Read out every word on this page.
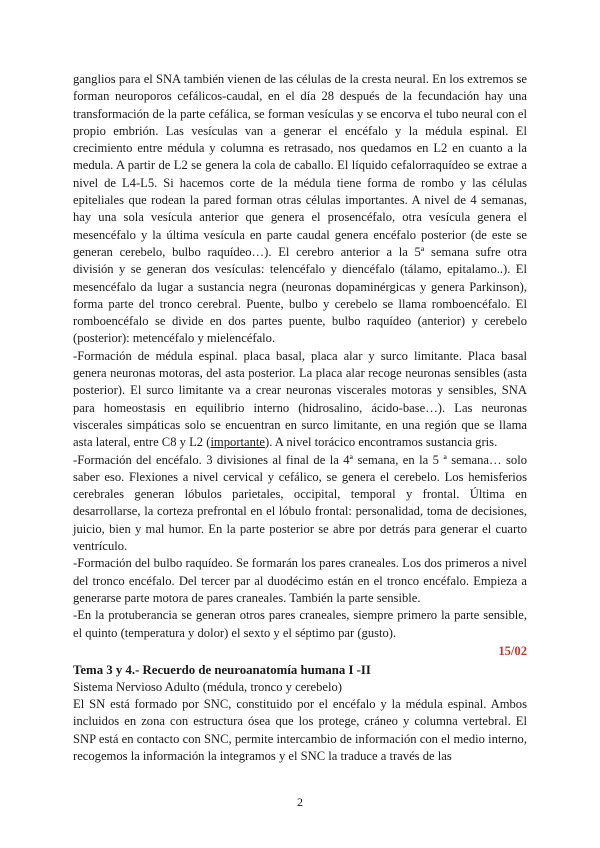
ganglios para el SNA también vienen de las células de la cresta neural. En los extremos se forman neuroporos cefálicos-caudal, en el día 28 después de la fecundación hay una transformación de la parte cefálica, se forman vesículas y se encorva el tubo neural con el propio embrión. Las vesículas van a generar el encéfalo y la médula espinal. El crecimiento entre médula y columna es retrasado, nos quedamos en L2 en cuanto a la medula. A partir de L2 se genera la cola de caballo. El líquido cefalorraquídeo se extrae a nivel de L4-L5. Si hacemos corte de la médula tiene forma de rombo y las células epiteliales que rodean la pared forman otras células importantes. A nivel de 4 semanas, hay una sola vesícula anterior que genera el prosencéfalo, otra vesícula genera el mesencéfalo y la última vesícula en parte caudal genera encéfalo posterior (de este se generan cerebelo, bulbo raquídeo…). El cerebro anterior a la 5ª semana sufre otra división y se generan dos vesículas: telencéfalo y diencéfalo (tálamo, epitalamo..). El mesencéfalo da lugar a sustancia negra (neuronas dopaminérgicas y genera Parkinson), forma parte del tronco cerebral. Puente, bulbo y cerebelo se llama romboencéfalo. El romboencéfalo se divide en dos partes puente, bulbo raquídeo (anterior) y cerebelo (posterior): metencéfalo y mielencéfalo.

-Formación de médula espinal. placa basal, placa alar y surco limitante. Placa basal genera neuronas motoras, del asta posterior. La placa alar recoge neuronas sensibles (asta posterior). El surco limitante va a crear neuronas viscerales motoras y sensibles, SNA para homeostasis en equilibrio interno (hidrosalino, ácido-base…). Las neuronas viscerales simpáticas solo se encuentran en surco limitante, en una región que se llama asta lateral, entre C8 y L2 (importante). A nivel torácico encontramos sustancia gris.

-Formación del encéfalo. 3 divisiones al final de la 4ª semana, en la 5 ª semana… solo saber eso. Flexiones a nivel cervical y cefálico, se genera el cerebelo. Los hemisferios cerebrales generan lóbulos parietales, occipital, temporal y frontal. Última en desarrollarse, la corteza prefrontal en el lóbulo frontal: personalidad, toma de decisiones, juicio, bien y mal humor. En la parte posterior se abre por detrás para generar el cuarto ventrículo.

-Formación del bulbo raquídeo. Se formarán los pares craneales. Los dos primeros a nivel del tronco encéfalo. Del tercer par al duodécimo están en el tronco encéfalo. Empieza a generarse parte motora de pares craneales. También la parte sensible.

-En la protuberancia se generan otros pares craneales, siempre primero la parte sensible, el quinto (temperatura y dolor) el sexto y el séptimo par (gusto).

15/02

Tema 3 y 4.- Recuerdo de neuroanatomía humana I -II

Sistema Nervioso Adulto (médula, tronco y cerebelo)

El SN está formado por SNC, constituido por el encéfalo y la médula espinal. Ambos incluidos en zona con estructura ósea que los protege, cráneo y columna vertebral. El SNP está en contacto con SNC, permite intercambio de información con el medio interno, recogemos la información la integramos y el SNC la traduce a través de las

2
